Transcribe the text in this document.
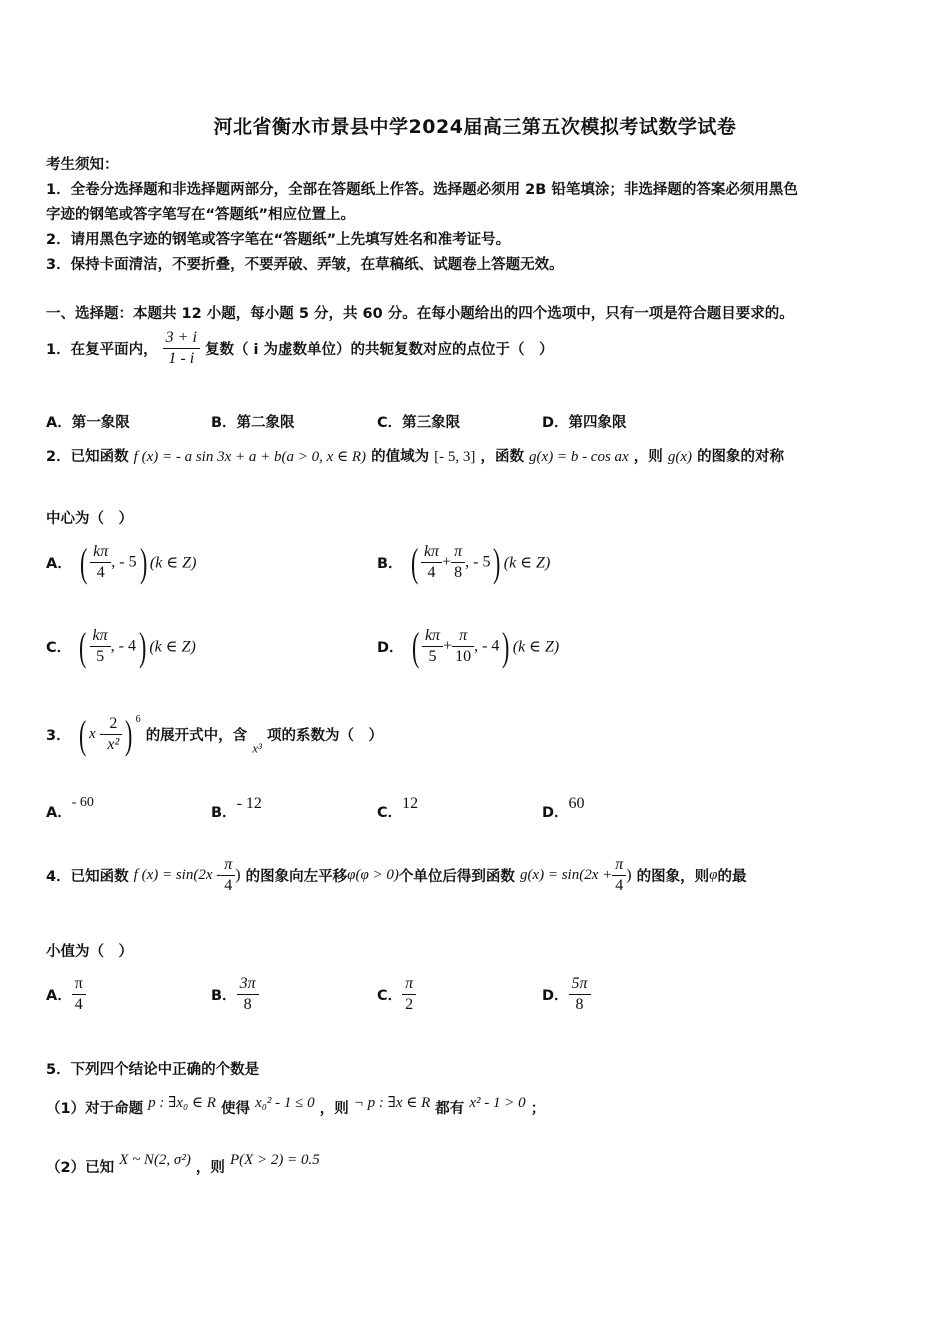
河北省衡水市景县中学2024届高三第五次模拟考试数学试卷
考生须知：
1．全卷分选择题和非选择题两部分，全部在答题纸上作答。选择题必须用 2B 铅笔填涂；非选择题的答案必须用黑色
字迹的钢笔或答字笔写在“答题纸”相应位置上。
2．请用黑色字迹的钢笔或答字笔在“答题纸”上先填写姓名和准考证号。
3．保持卡面清洁，不要折叠，不要弄破、弄皱，在草稿纸、试题卷上答题无效。
一、选择题：本题共 12 小题，每小题 5 分，共 60 分。在每小题给出的四个选项中，只有一项是符合题目要求的。
1．在复平面内， $\frac{3 + i}{1 - i}$ 复数（ i 为虚数单位）的共轭复数对应的点位于（　）
A．第一象限	B．第二象限	C．第三象限	D．第四象限
2．已知函数 f (x) = - a sin 3x + a + b(a > 0, x ∈ R) 的值域为 [- 5, 3] ，函数 g(x) = b - cos ax ，则 g(x) 的图象的对称
中心为（　）
A． ( $\frac{k\pi}{4}$ , - 5) (k ∈ Z)	B． ( $\frac{k\pi}{4} + \frac{\pi}{8}$ , - 5) (k ∈ Z)
C． ( $\frac{k\pi}{5}$ , - 4) (k ∈ Z)	D． ( $\frac{k\pi}{5} + \frac{\pi}{10}$ , - 4) (k ∈ Z)
3． ( x - $\frac{2}{\text{x²}}$ ) $^6$ 的展开式中，含 x³ 项的系数为（　）
A．- 60
B．- 12
C．12
D．60
4．已知函数 f $(x) = \sin(2x - \frac{\pi}{4}$ ) 的图象向左平移φ(φ > 0)个单位后得到函数 $g(x) = \sin(2x + \frac{\pi}{4}$ ) 的图象，则φ的最
小值为（　）
A． $\frac{\pi}{4}$	B． $\frac{3\pi}{8}$	C． $\frac{\pi}{2}$	D． $\frac{5\pi}{8}$
5．下列四个结论中正确的个数是
（1）对于命题 p : ∃x₀ ∈ R 使得 x₀² - 1 ≤ 0 ，则 ¬ p : ∃x ∈ R 都有 x² - 1 > 0 ；
（2）已知 X ~ N(2, σ²) ，则 P(X > 2) = 0.5
